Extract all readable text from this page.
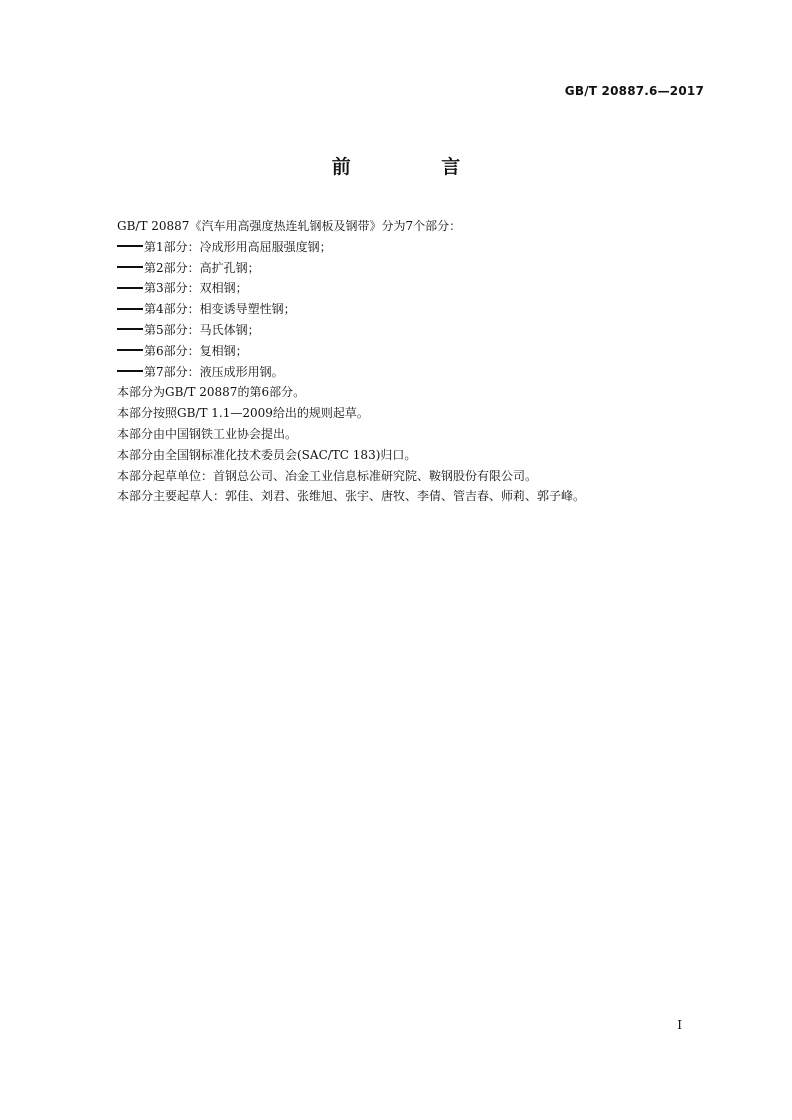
GB/T 20887.6—2017
前 言
GB/T 20887《汽车用高强度热连轧钢板及钢带》分为7个部分：
第1部分：冷成形用高屈服强度钢；
第2部分：高扩孔钢；
第3部分：双相钢；
第4部分：相变诱导塑性钢；
第5部分：马氏体钢；
第6部分：复相钢；
第7部分：液压成形用钢。
本部分为GB/T 20887的第6部分。
本部分按照GB/T 1.1—2009给出的规则起草。
本部分由中国钢铁工业协会提出。
本部分由全国钢标准化技术委员会(SAC/TC 183)归口。
本部分起草单位：首钢总公司、冶金工业信息标准研究院、鞍钢股份有限公司。
本部分主要起草人：郭佳、刘君、张维旭、张宇、唐牧、李倩、管吉春、师莉、郭子峰。
I
